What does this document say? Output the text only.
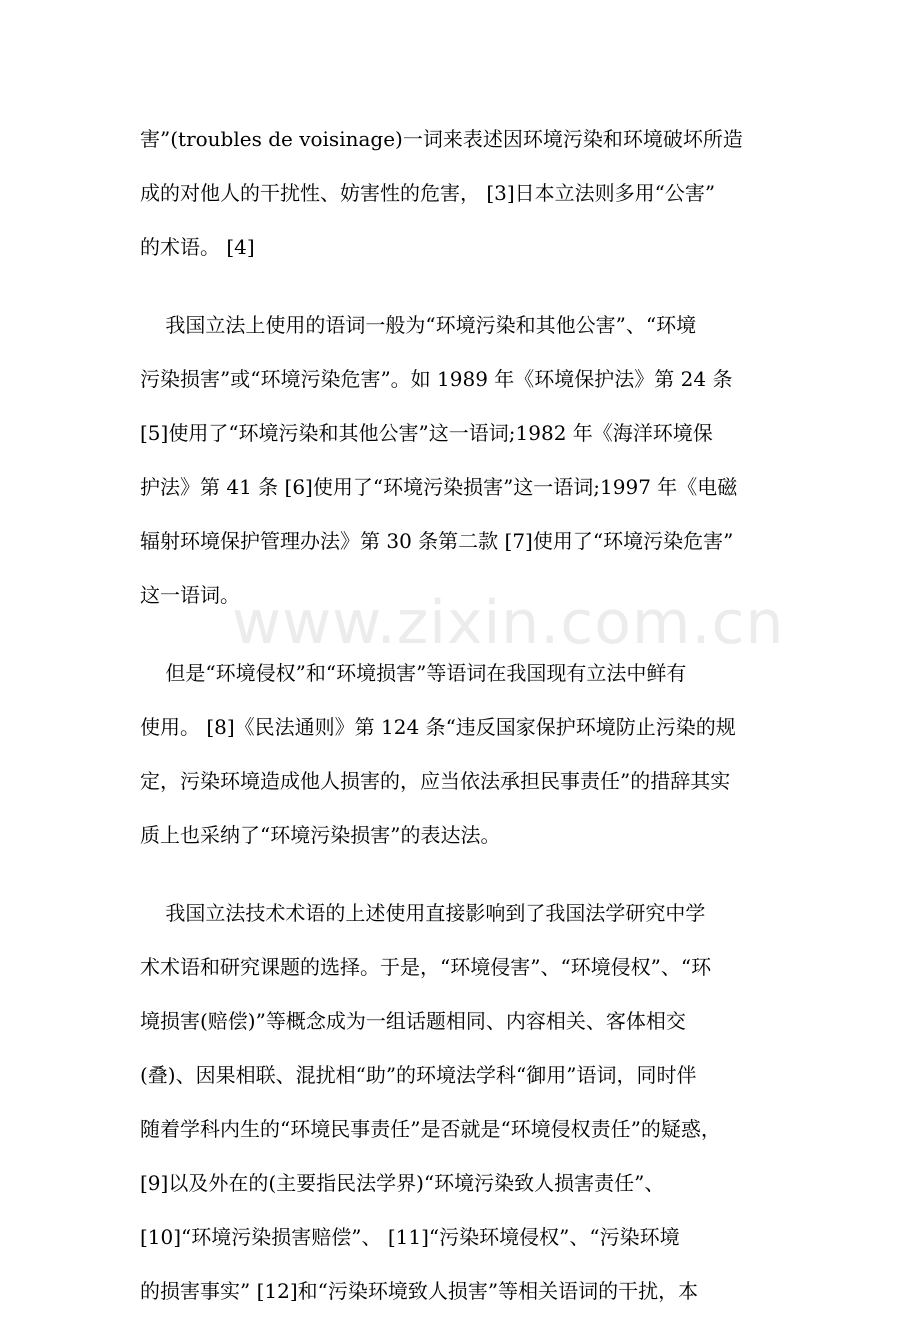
www.zixin.com.cn
害”(troubles de voisinage)一词来表述因环境污染和环境破坏所造
成的对他人的干扰性、妨害性的危害， [3]日本立法则多用“公害”
的术语。 [4]
我国立法上使用的语词一般为“环境污染和其他公害”、“环境
污染损害”或“环境污染危害”。如 1989 年《环境保护法》第 24 条
[5]使用了“环境污染和其他公害”这一语词;1982 年《海洋环境保
护法》第 41 条 [6]使用了“环境污染损害”这一语词;1997 年《电磁
辐射环境保护管理办法》第 30 条第二款 [7]使用了“环境污染危害”
这一语词。
但是“环境侵权”和“环境损害”等语词在我国现有立法中鲜有
使用。 [8]《民法通则》第 124 条“违反国家保护环境防止污染的规
定，污染环境造成他人损害的，应当依法承担民事责任”的措辞其实
质上也采纳了“环境污染损害”的表达法。
我国立法技术术语的上述使用直接影响到了我国法学研究中学
术术语和研究课题的选择。于是，“环境侵害”、“环境侵权”、“环
境损害(赔偿)”等概念成为一组话题相同、内容相关、客体相交
(叠)、因果相联、混扰相“助”的环境法学科“御用”语词，同时伴
随着学科内生的“环境民事责任”是否就是“环境侵权责任”的疑惑，
[9]以及外在的(主要指民法学界)“环境污染致人损害责任”、
[10]“环境污染损害赔偿”、 [11]“污染环境侵权”、“污染环境
的损害事实” [12]和“污染环境致人损害”等相关语词的干扰，本
